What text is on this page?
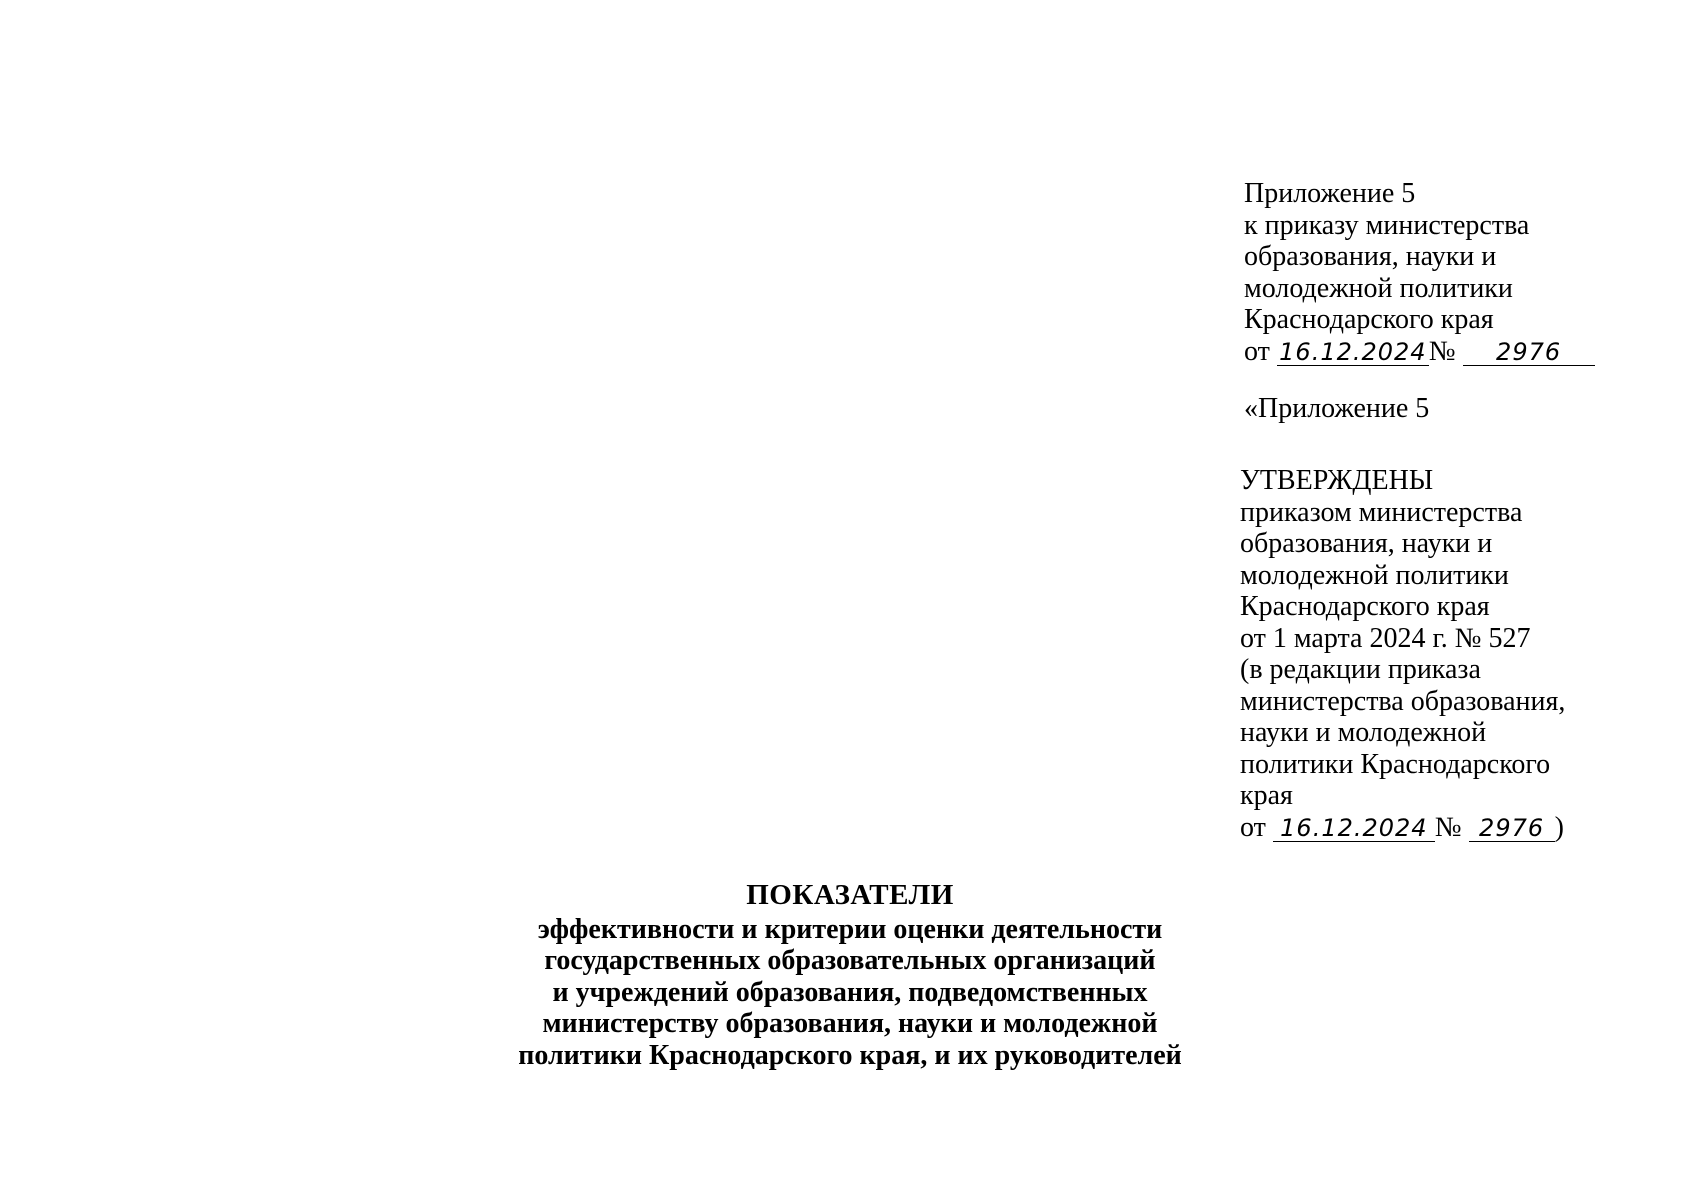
Приложение 5
к приказу министерства
образования, науки и
молодежной политики
Краснодарского края
от 16.12.2024№ 2976
«Приложение 5
УТВЕРЖДЕНЫ
приказом министерства
образования, науки и
молодежной политики
Краснодарского края
от 1 марта 2024 г. № 527
(в редакции приказа
министерства образования,
науки и молодежной
политики Краснодарского
края
от 16.12.2024 № 2976 )
ПОКАЗАТЕЛИ
эффективности и критерии оценки деятельности
государственных образовательных организаций
и учреждений образования, подведомственных
министерству образования, науки и молодежной
политики Краснодарского края, и их руководителей
